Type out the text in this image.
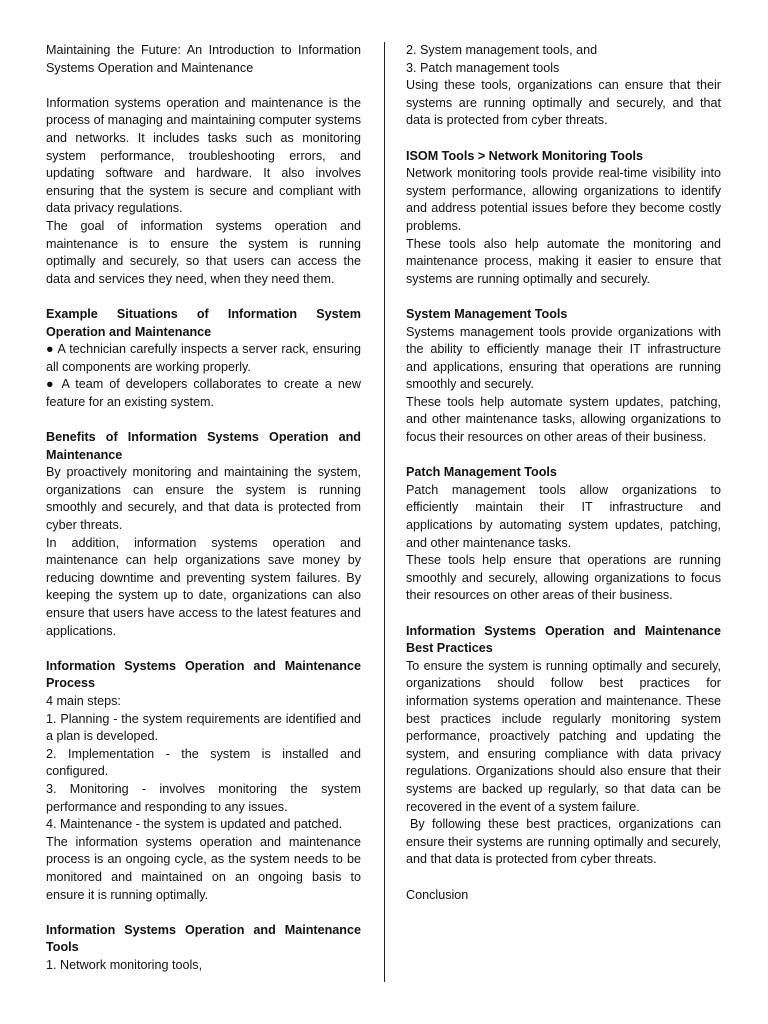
Maintaining the Future: An Introduction to Information Systems Operation and Maintenance

Information systems operation and maintenance is the process of managing and maintaining computer systems and networks. It includes tasks such as monitoring system performance, troubleshooting errors, and updating software and hardware. It also involves ensuring that the system is secure and compliant with data privacy regulations.

The goal of information systems operation and maintenance is to ensure the system is running optimally and securely, so that users can access the data and services they need, when they need them.

Example Situations of Information System Operation and Maintenance

● A technician carefully inspects a server rack, ensuring all components are working properly.

● A team of developers collaborates to create a new feature for an existing system.

Benefits of Information Systems Operation and Maintenance

By proactively monitoring and maintaining the system, organizations can ensure the system is running smoothly and securely, and that data is protected from cyber threats.

In addition, information systems operation and maintenance can help organizations save money by reducing downtime and preventing system failures. By keeping the system up to date, organizations can also ensure that users have access to the latest features and applications.

Information Systems Operation and Maintenance Process

4 main steps:

1. Planning - the system requirements are identified and a plan is developed.

2. Implementation - the system is installed and configured.

3. Monitoring - involves monitoring the system performance and responding to any issues.

4. Maintenance - the system is updated and patched.

The information systems operation and maintenance process is an ongoing cycle, as the system needs to be monitored and maintained on an ongoing basis to ensure it is running optimally.

Information Systems Operation and Maintenance Tools

1. Network monitoring tools,

2. System management tools, and

3. Patch management tools

Using these tools, organizations can ensure that their systems are running optimally and securely, and that data is protected from cyber threats.

ISOM Tools > Network Monitoring Tools

Network monitoring tools provide real-time visibility into system performance, allowing organizations to identify and address potential issues before they become costly problems.

These tools also help automate the monitoring and maintenance process, making it easier to ensure that systems are running optimally and securely.

System Management Tools

Systems management tools provide organizations with the ability to efficiently manage their IT infrastructure and applications, ensuring that operations are running smoothly and securely.

These tools help automate system updates, patching, and other maintenance tasks, allowing organizations to focus their resources on other areas of their business.

Patch Management Tools

Patch management tools allow organizations to efficiently maintain their IT infrastructure and applications by automating system updates, patching, and other maintenance tasks.

These tools help ensure that operations are running smoothly and securely, allowing organizations to focus their resources on other areas of their business.

Information Systems Operation and Maintenance Best Practices

To ensure the system is running optimally and securely, organizations should follow best practices for information systems operation and maintenance. These best practices include regularly monitoring system performance, proactively patching and updating the system, and ensuring compliance with data privacy regulations. Organizations should also ensure that their systems are backed up regularly, so that data can be recovered in the event of a system failure.

By following these best practices, organizations can ensure their systems are running optimally and securely, and that data is protected from cyber threats.

Conclusion
